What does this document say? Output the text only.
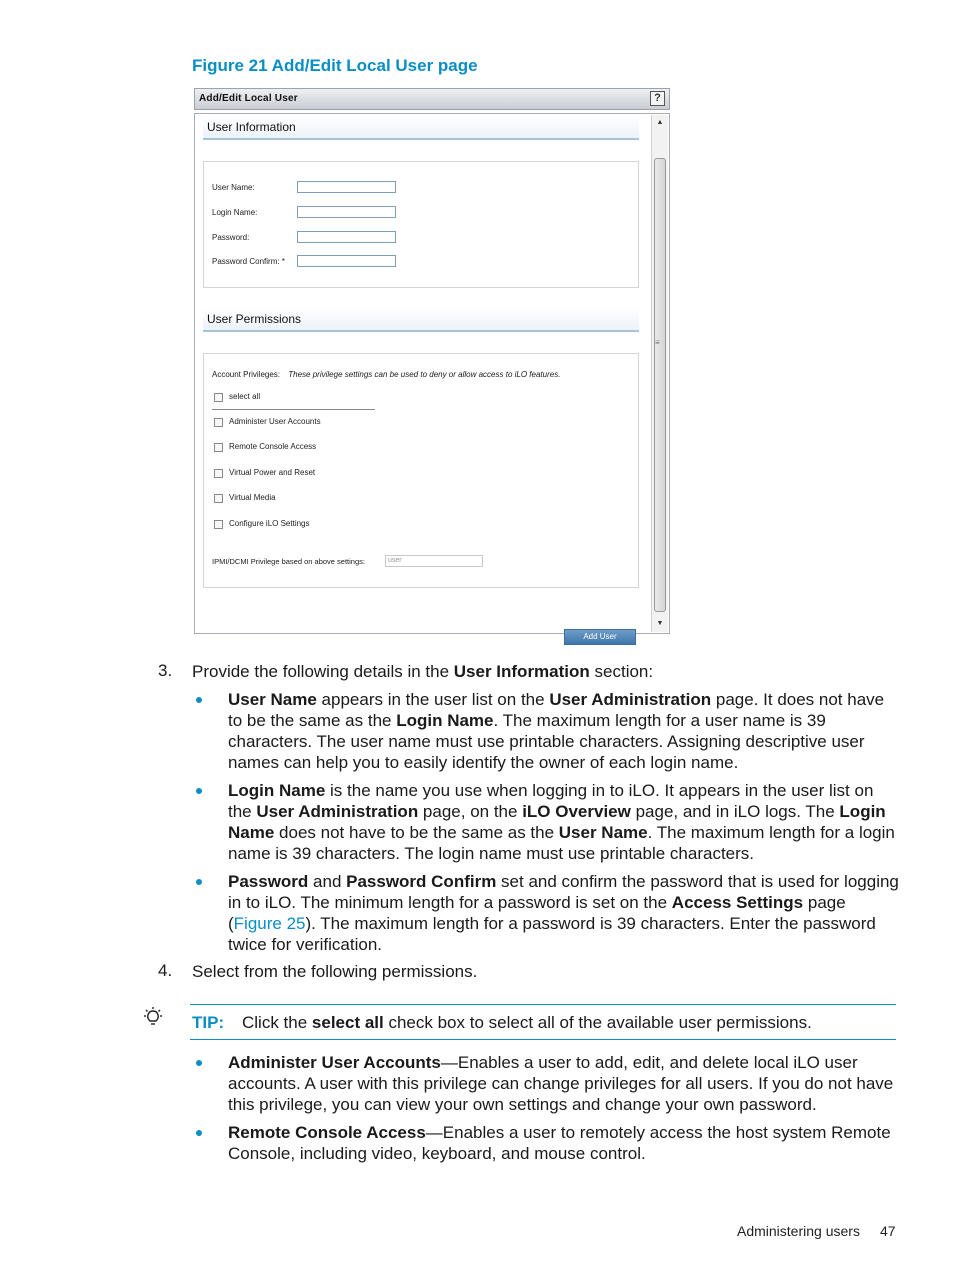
Figure 21 Add/Edit Local User page
Add/Edit Local User	?
User Information
User Name:
Login Name:
Password:
Password Confirm: *
User Permissions
Account Privileges: These privilege settings can be used to deny or allow access to iLO features.
select all
Administer User Accounts
Remote Console Access
Virtual Power and Reset
Virtual Media
Configure iLO Settings
IPMI/DCMI Privilege based on above settings:	user
Add User
▲
≡
▼
3. Provide the following details in the User Information section:
User Name appears in the user list on the User Administration page. It does not have to be the same as the Login Name. The maximum length for a user name is 39 characters. The user name must use printable characters. Assigning descriptive user names can help you to easily identify the owner of each login name.
Login Name is the name you use when logging in to iLO. It appears in the user list on the User Administration page, on the iLO Overview page, and in iLO logs. The Login Name does not have to be the same as the User Name. The maximum length for a login name is 39 characters. The login name must use printable characters.
Password and Password Confirm set and confirm the password that is used for logging in to iLO. The minimum length for a password is set on the Access Settings page (Figure 25). The maximum length for a password is 39 characters. Enter the password twice for verification.
4. Select from the following permissions.
TIP: Click the select all check box to select all of the available user permissions.
Administer User Accounts—Enables a user to add, edit, and delete local iLO user accounts. A user with this privilege can change privileges for all users. If you do not have this privilege, you can view your own settings and change your own password.
Remote Console Access—Enables a user to remotely access the host system Remote Console, including video, keyboard, and mouse control.
Administering users 47
